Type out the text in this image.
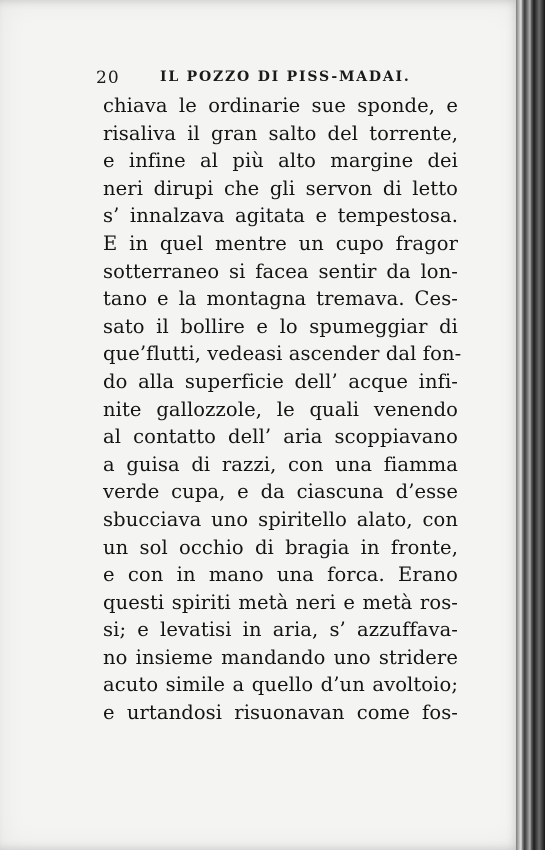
20	IL POZZO DI PISS-MADAI.
chiava le ordinarie sue sponde, e
risaliva il gran salto del torrente,
e infine al più alto margine dei
neri dirupi che gli servon di letto
s’ innalzava agitata e tempestosa.
E in quel mentre un cupo fragor
sotterraneo si facea sentir da lon-
tano e la montagna tremava. Ces-
sato il bollire e lo spumeggiar di
que’flutti, vedeasi ascender dal fon-
do alla superficie dell’ acque infi-
nite gallozzole, le quali venendo
al contatto dell’ aria scoppiavano
a guisa di razzi, con una fiamma
verde cupa, e da ciascuna d’esse
sbucciava uno spiritello alato, con
un sol occhio di bragia in fronte,
e con in mano una forca. Erano
questi spiriti metà neri e metà ros-
si; e levatisi in aria, s’ azzuffava-
no insieme mandando uno stridere
acuto simile a quello d’un avoltoio;
e urtandosi risuonavan come fos-
